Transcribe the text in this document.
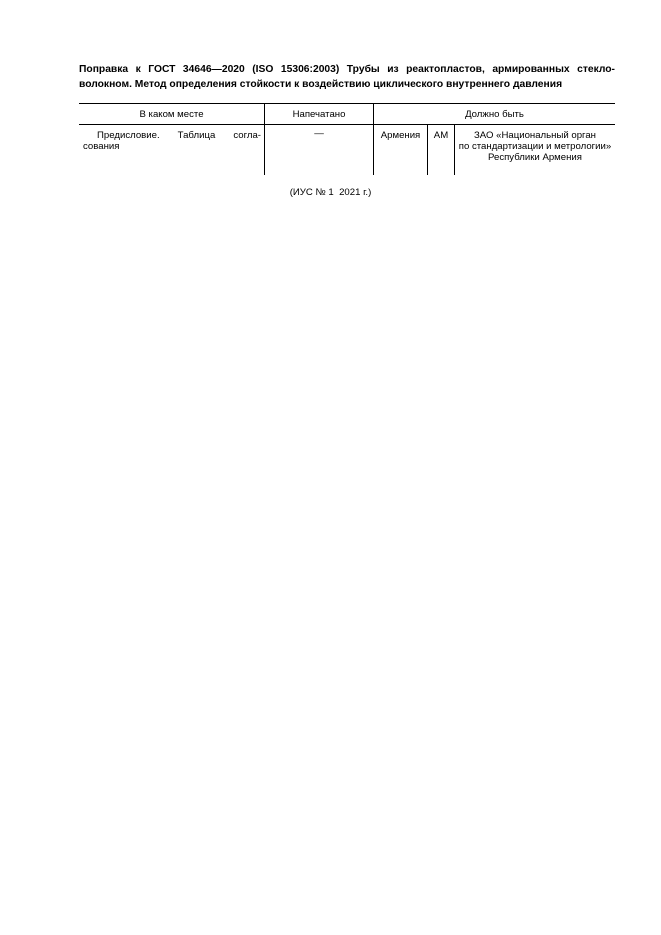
Поправка к ГОСТ 34646—2020 (ISO 15306:2003) Трубы из реактопластов, армированных стекло-
волокном. Метод определения стойкости к воздействию циклического внутреннего давления
В каком месте	Напечатано	Должно быть		
Предисловие. Таблица согла- сования	—	Армения	AM	ЗАО «Национальный орган
по стандартизации и метрологии»
Республики Армения
(ИУС № 1  2021 г.)
